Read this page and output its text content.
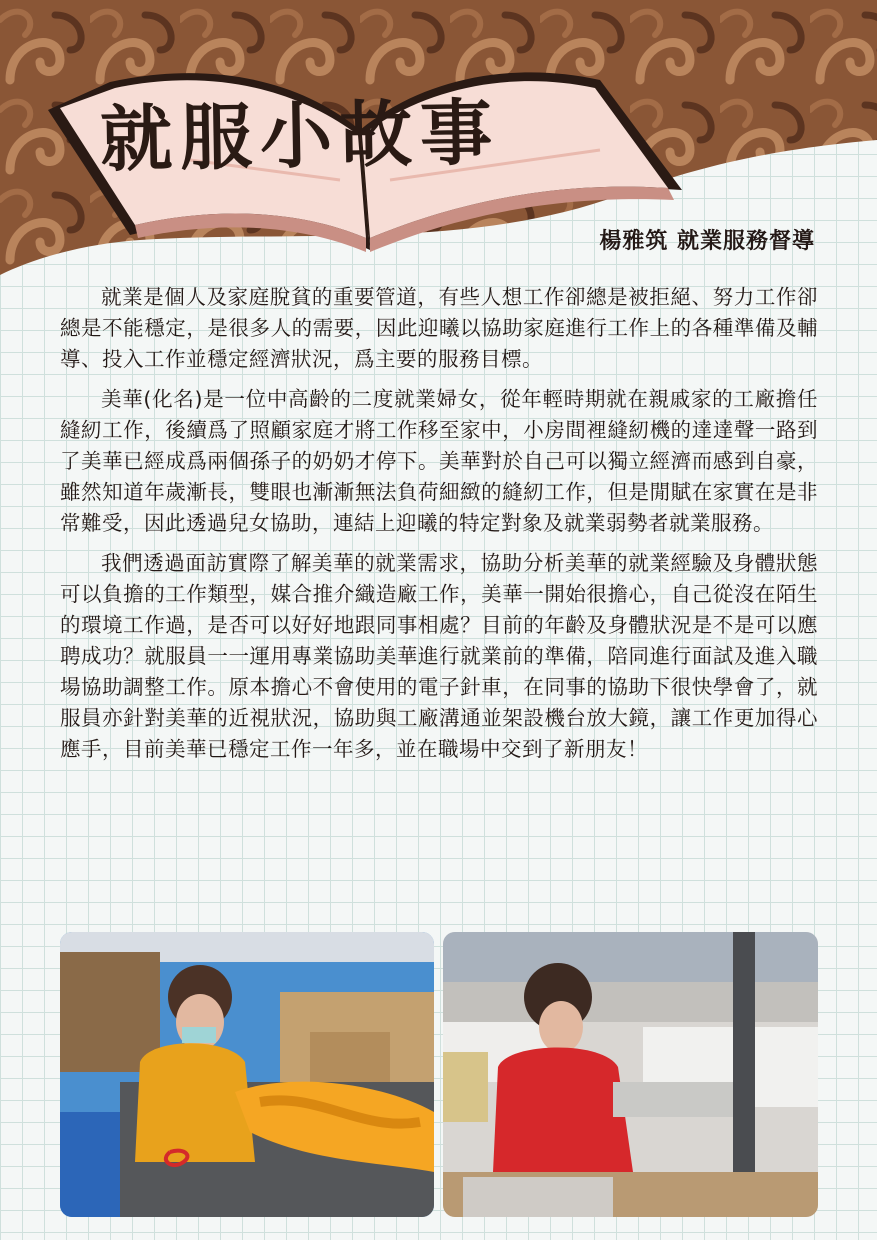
就服小故事
楊雅筑 就業服務督導

就業是個人及家庭脫貧的重要管道，有些人想工作卻總是被拒絕、努力工作卻總是不能穩定，是很多人的需要，因此迎曦以協助家庭進行工作上的各種準備及輔導、投入工作並穩定經濟狀況，爲主要的服務目標。

美華(化名)是一位中高齡的二度就業婦女，從年輕時期就在親戚家的工廠擔任縫紉工作，後續爲了照顧家庭才將工作移至家中，小房間裡縫紉機的達達聲一路到了美華已經成爲兩個孫子的奶奶才停下。美華對於自己可以獨立經濟而感到自豪，雖然知道年歲漸長，雙眼也漸漸無法負荷細緻的縫紉工作，但是閒賦在家實在是非常難受，因此透過兒女協助，連結上迎曦的特定對象及就業弱勢者就業服務。

我們透過面訪實際了解美華的就業需求，協助分析美華的就業經驗及身體狀態可以負擔的工作類型，媒合推介織造廠工作，美華一開始很擔心，自己從沒在陌生的環境工作過，是否可以好好地跟同事相處？目前的年齡及身體狀況是不是可以應聘成功？就服員一一運用專業協助美華進行就業前的準備，陪同進行面試及進入職場協助調整工作。原本擔心不會使用的電子針車，在同事的協助下很快學會了，就服員亦針對美華的近視狀況，協助與工廠溝通並架設機台放大鏡，讓工作更加得心應手，目前美華已穩定工作一年多，並在職場中交到了新朋友！
